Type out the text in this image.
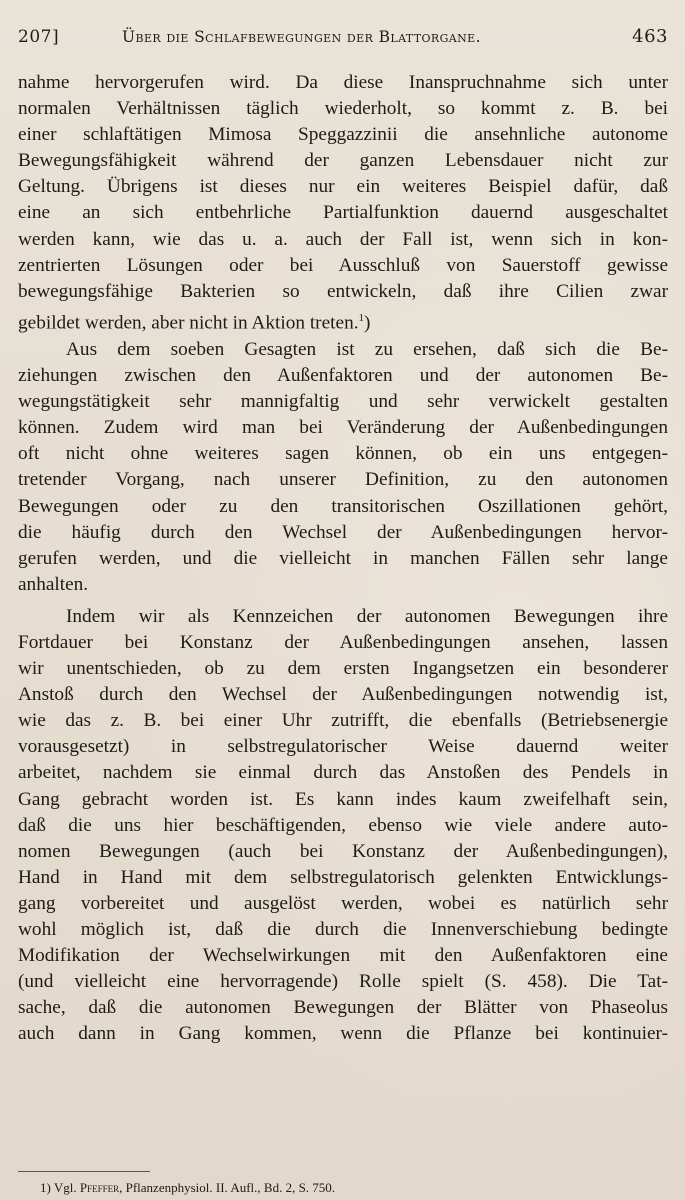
207]	Über die Schlafbewegungen der Blattorgane.	463
nahme hervorgerufen wird. Da diese Inanspruchnahme sich unter
normalen Verhältnissen täglich wiederholt, so kommt z. B. bei
einer schlaftätigen Mimosa Speggazzinii die ansehnliche autonome
Bewegungsfähigkeit während der ganzen Lebensdauer nicht zur
Geltung. Übrigens ist dieses nur ein weiteres Beispiel dafür, daß
eine an sich entbehrliche Partialfunktion dauernd ausgeschaltet
werden kann, wie das u. a. auch der Fall ist, wenn sich in kon-
zentrierten Lösungen oder bei Ausschluß von Sauerstoff gewisse
bewegungsfähige Bakterien so entwickeln, daß ihre Cilien zwar
gebildet werden, aber nicht in Aktion treten.$^1$)
Aus dem soeben Gesagten ist zu ersehen, daß sich die Be-
ziehungen zwischen den Außenfaktoren und der autonomen Be-
wegungstätigkeit sehr mannigfaltig und sehr verwickelt gestalten
können. Zudem wird man bei Veränderung der Außenbedingungen
oft nicht ohne weiteres sagen können, ob ein uns entgegen-
tretender Vorgang, nach unserer Definition, zu den autonomen
Bewegungen oder zu den transitorischen Oszillationen gehört,
die häufig durch den Wechsel der Außenbedingungen hervor-
gerufen werden, und die vielleicht in manchen Fällen sehr lange
anhalten.
Indem wir als Kennzeichen der autonomen Bewegungen ihre
Fortdauer bei Konstanz der Außenbedingungen ansehen, lassen
wir unentschieden, ob zu dem ersten Ingangsetzen ein besonderer
Anstoß durch den Wechsel der Außenbedingungen notwendig ist,
wie das z. B. bei einer Uhr zutrifft, die ebenfalls (Betriebsenergie
vorausgesetzt) in selbstregulatorischer Weise dauernd weiter
arbeitet, nachdem sie einmal durch das Anstoßen des Pendels in
Gang gebracht worden ist. Es kann indes kaum zweifelhaft sein,
daß die uns hier beschäftigenden, ebenso wie viele andere auto-
nomen Bewegungen (auch bei Konstanz der Außenbedingungen),
Hand in Hand mit dem selbstregulatorisch gelenkten Entwicklungs-
gang vorbereitet und ausgelöst werden, wobei es natürlich sehr
wohl möglich ist, daß die durch die Innenverschiebung bedingte
Modifikation der Wechselwirkungen mit den Außenfaktoren eine
(und vielleicht eine hervorragende) Rolle spielt (S. 458). Die Tat-
sache, daß die autonomen Bewegungen der Blätter von Phaseolus
auch dann in Gang kommen, wenn die Pflanze bei kontinuier-
1) Vgl. Pfeffer, Pflanzenphysiol. II. Aufl., Bd. 2, S. 750.
